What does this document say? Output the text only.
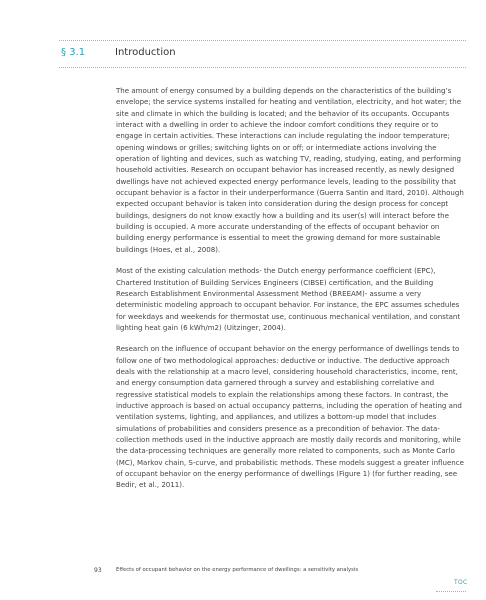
§ 3.1	Introduction

The amount of energy consumed by a building depends on the characteristics of the building’s envelope; the service systems installed for heating and ventilation, electricity, and hot water; the site and climate in which the building is located; and the behavior of its occupants. Occupants interact with a dwelling in order to achieve the indoor comfort conditions they require or to engage in certain activities. These interactions can include regulating the indoor temperature; opening windows or grilles; switching lights on or off; or intermediate actions involving the operation of lighting and devices, such as watching TV, reading, studying, eating, and performing household activities. Research on occupant behavior has increased recently, as newly designed dwellings have not achieved expected energy performance levels, leading to the possibility that occupant behavior is a factor in their underperformance (Guerra Santin and Itard, 2010). Although expected occupant behavior is taken into consideration during the design process for concept buildings, designers do not know exactly how a building and its user(s) will interact before the building is occupied. A more accurate understanding of the effects of occupant behavior on building energy performance is essential to meet the growing demand for more sustainable buildings (Hoes, et al., 2008).

Most of the existing calculation methods- the Dutch energy performance coefficient (EPC), Chartered Institution of Building Services Engineers (CIBSE) certification, and the Building Research Establishment Environmental Assessment Method (BREEAM)- assume a very deterministic modeling approach to occupant behavior. For instance, the EPC assumes schedules for weekdays and weekends for thermostat use, continuous mechanical ventilation, and constant lighting heat gain (6 kWh/m2) (Uitzinger, 2004).

Research on the influence of occupant behavior on the energy performance of dwellings tends to follow one of two methodological approaches: deductive or inductive. The deductive approach deals with the relationship at a macro level, considering household characteristics, income, rent, and energy consumption data garnered through a survey and establishing correlative and regressive statistical models to explain the relationships among these factors. In contrast, the inductive approach is based on actual occupancy patterns, including the operation of heating and ventilation systems, lighting, and appliances, and utilizes a bottom-up model that includes simulations of probabilities and considers presence as a precondition of behavior. The data-collection methods used in the inductive approach are mostly daily records and monitoring, while the data-processing techniques are generally more related to components, such as Monte Carlo (MC), Markov chain, S-curve, and probabilistic methods. These models suggest a greater influence of occupant behavior on the energy performance of dwellings (Figure 1) (for further reading, see Bedir, et al., 2011).

93	Effects of occupant behavior on the energy performance of dwellings: a sensitivity analysis
TOC
